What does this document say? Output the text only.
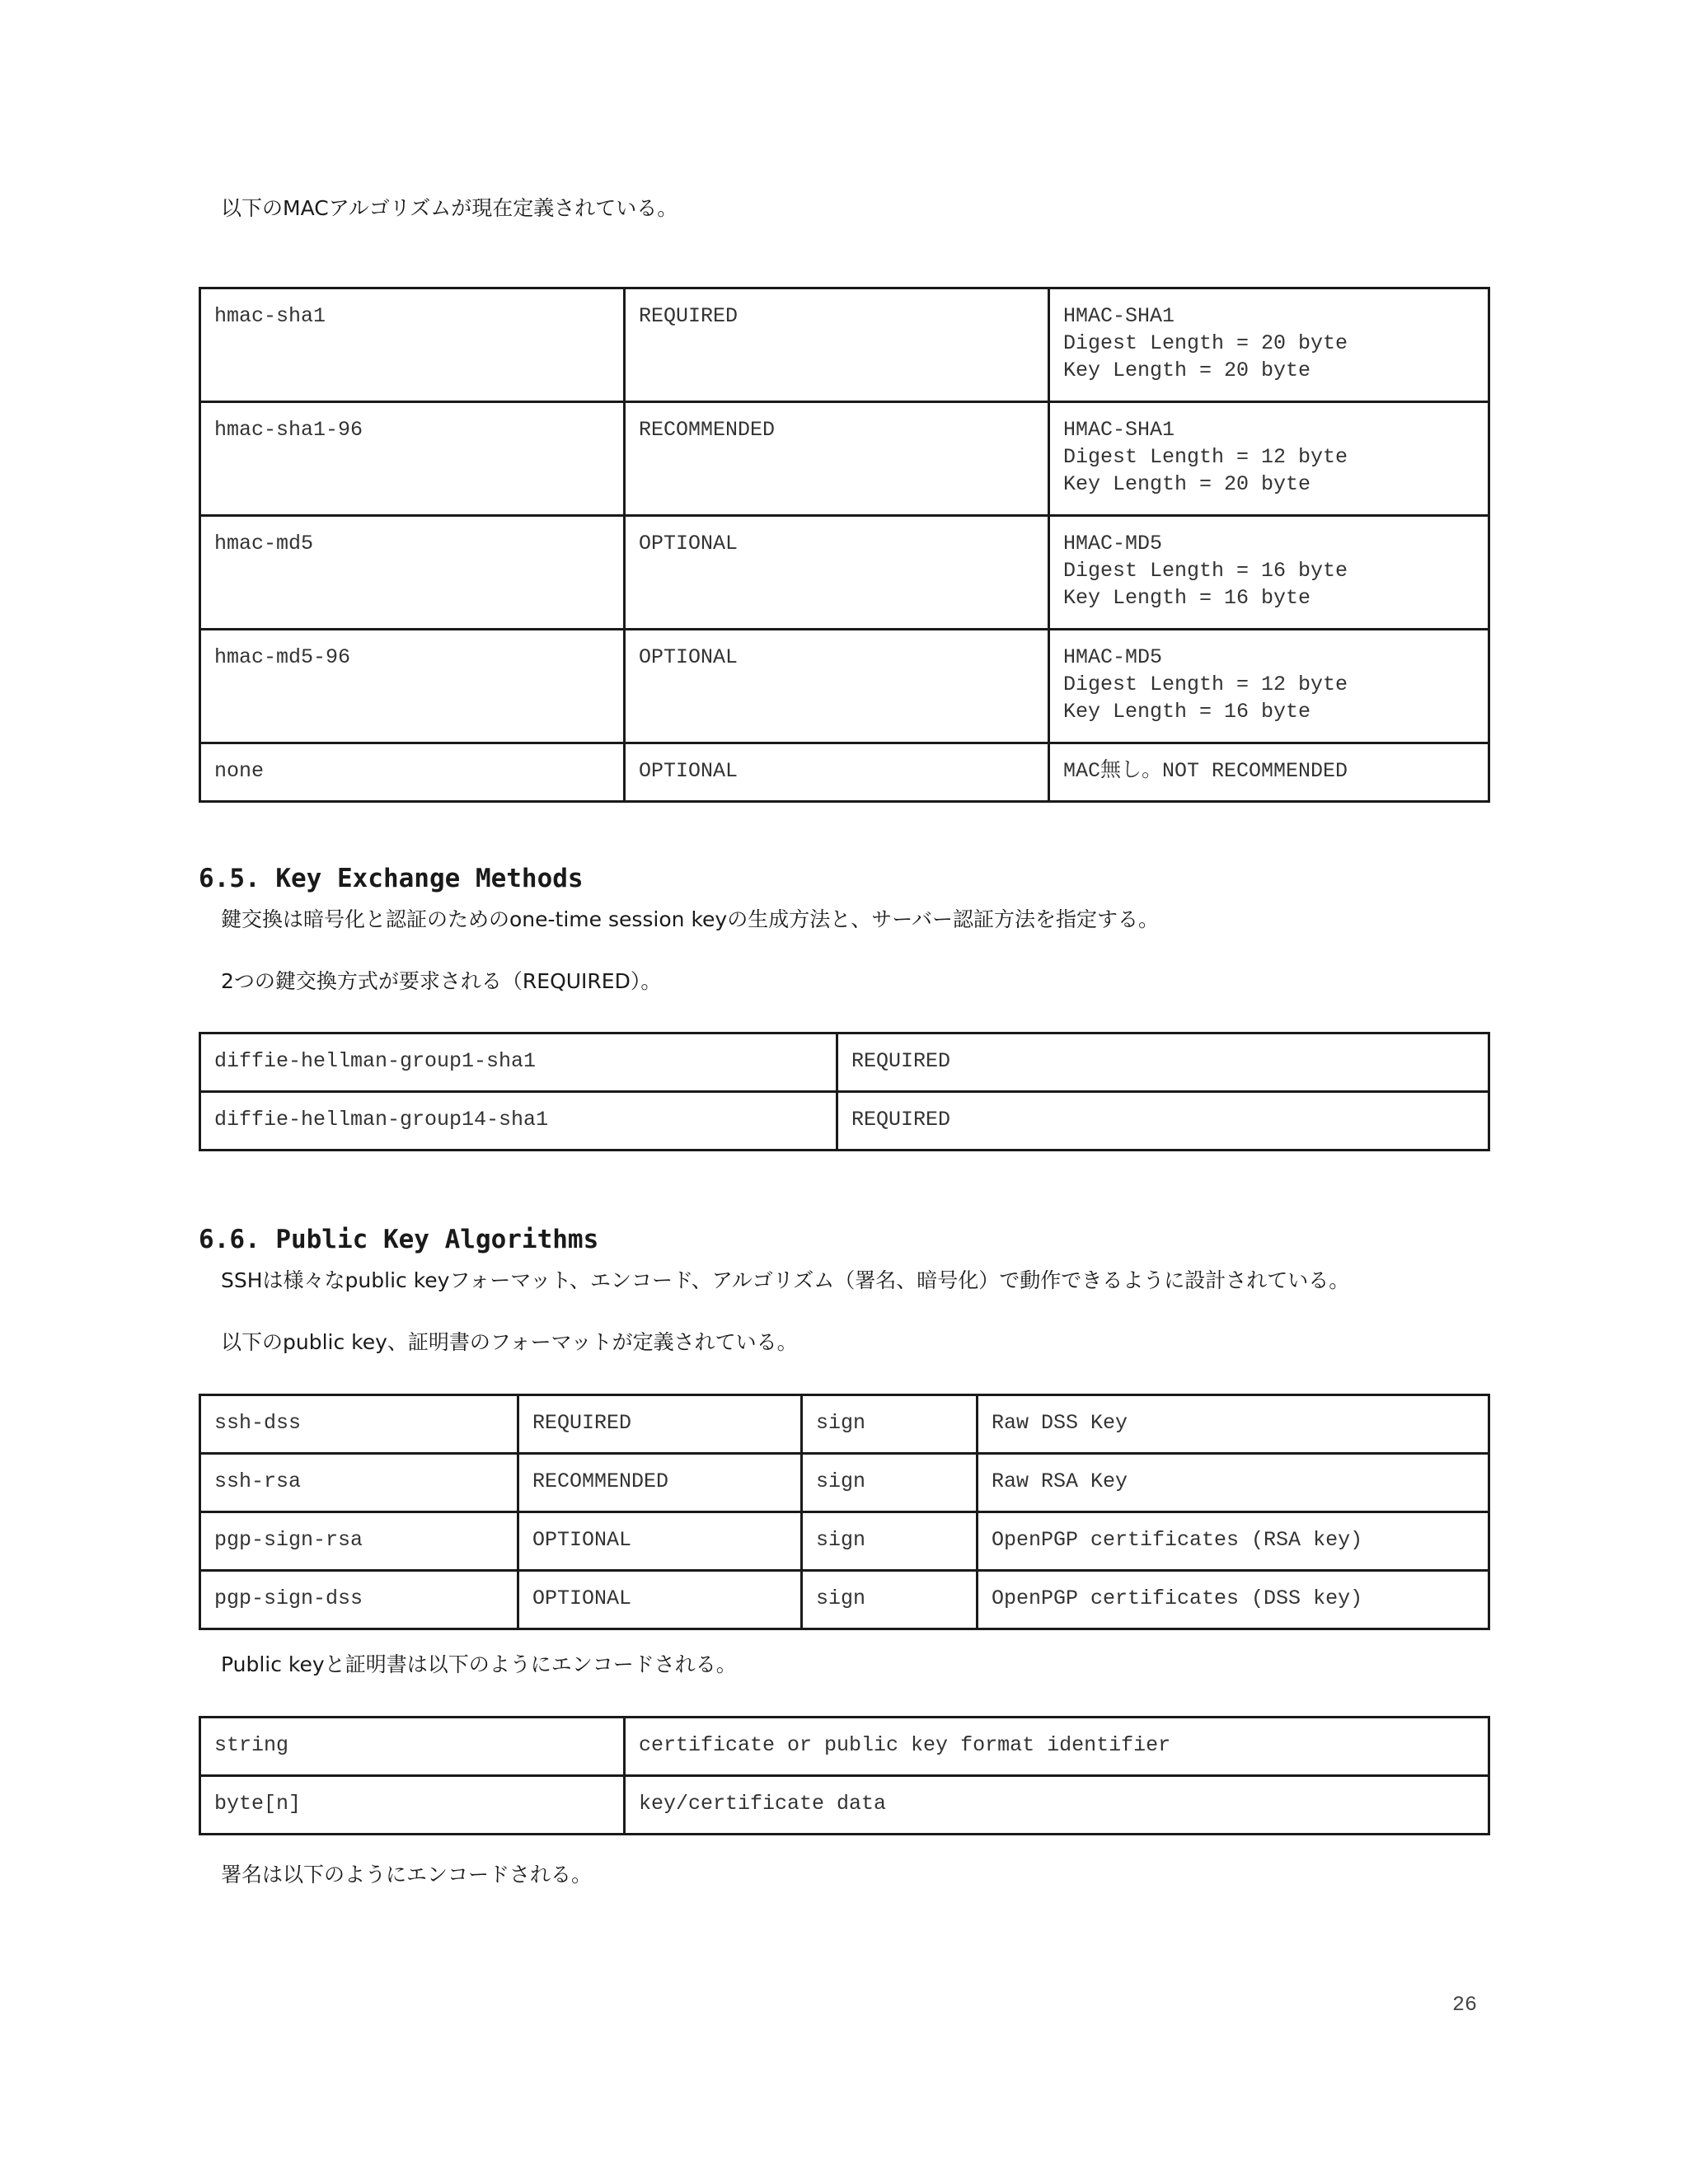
以下のMACアルゴリズムが現在定義されている。
hmac-sha1	REQUIRED	HMAC-SHA1
Digest Length = 20 byte
Key Length = 20 byte
hmac-sha1-96	RECOMMENDED	HMAC-SHA1
Digest Length = 12 byte
Key Length = 20 byte
hmac-md5	OPTIONAL	HMAC-MD5
Digest Length = 16 byte
Key Length = 16 byte
hmac-md5-96	OPTIONAL	HMAC-MD5
Digest Length = 12 byte
Key Length = 16 byte
none	OPTIONAL	MAC無し。NOT RECOMMENDED
6.5. Key Exchange Methods
鍵交換は暗号化と認証のためのone-time session keyの生成方法と、サーバー認証方法を指定する。
2つの鍵交換方式が要求される（REQUIRED）。
diffie-hellman-group1-sha1	REQUIRED
diffie-hellman-group14-sha1	REQUIRED
6.6. Public Key Algorithms
SSHは様々なpublic keyフォーマット、エンコード、アルゴリズム（署名、暗号化）で動作できるように設計されている。
以下のpublic key、証明書のフォーマットが定義されている。
ssh-dss	REQUIRED	sign	Raw DSS Key
ssh-rsa	RECOMMENDED	sign	Raw RSA Key
pgp-sign-rsa	OPTIONAL	sign	OpenPGP certificates (RSA key)
pgp-sign-dss	OPTIONAL	sign	OpenPGP certificates (DSS key)
Public keyと証明書は以下のようにエンコードされる。
string	certificate or public key format identifier
byte[n]	key/certificate data
署名は以下のようにエンコードされる。
26
